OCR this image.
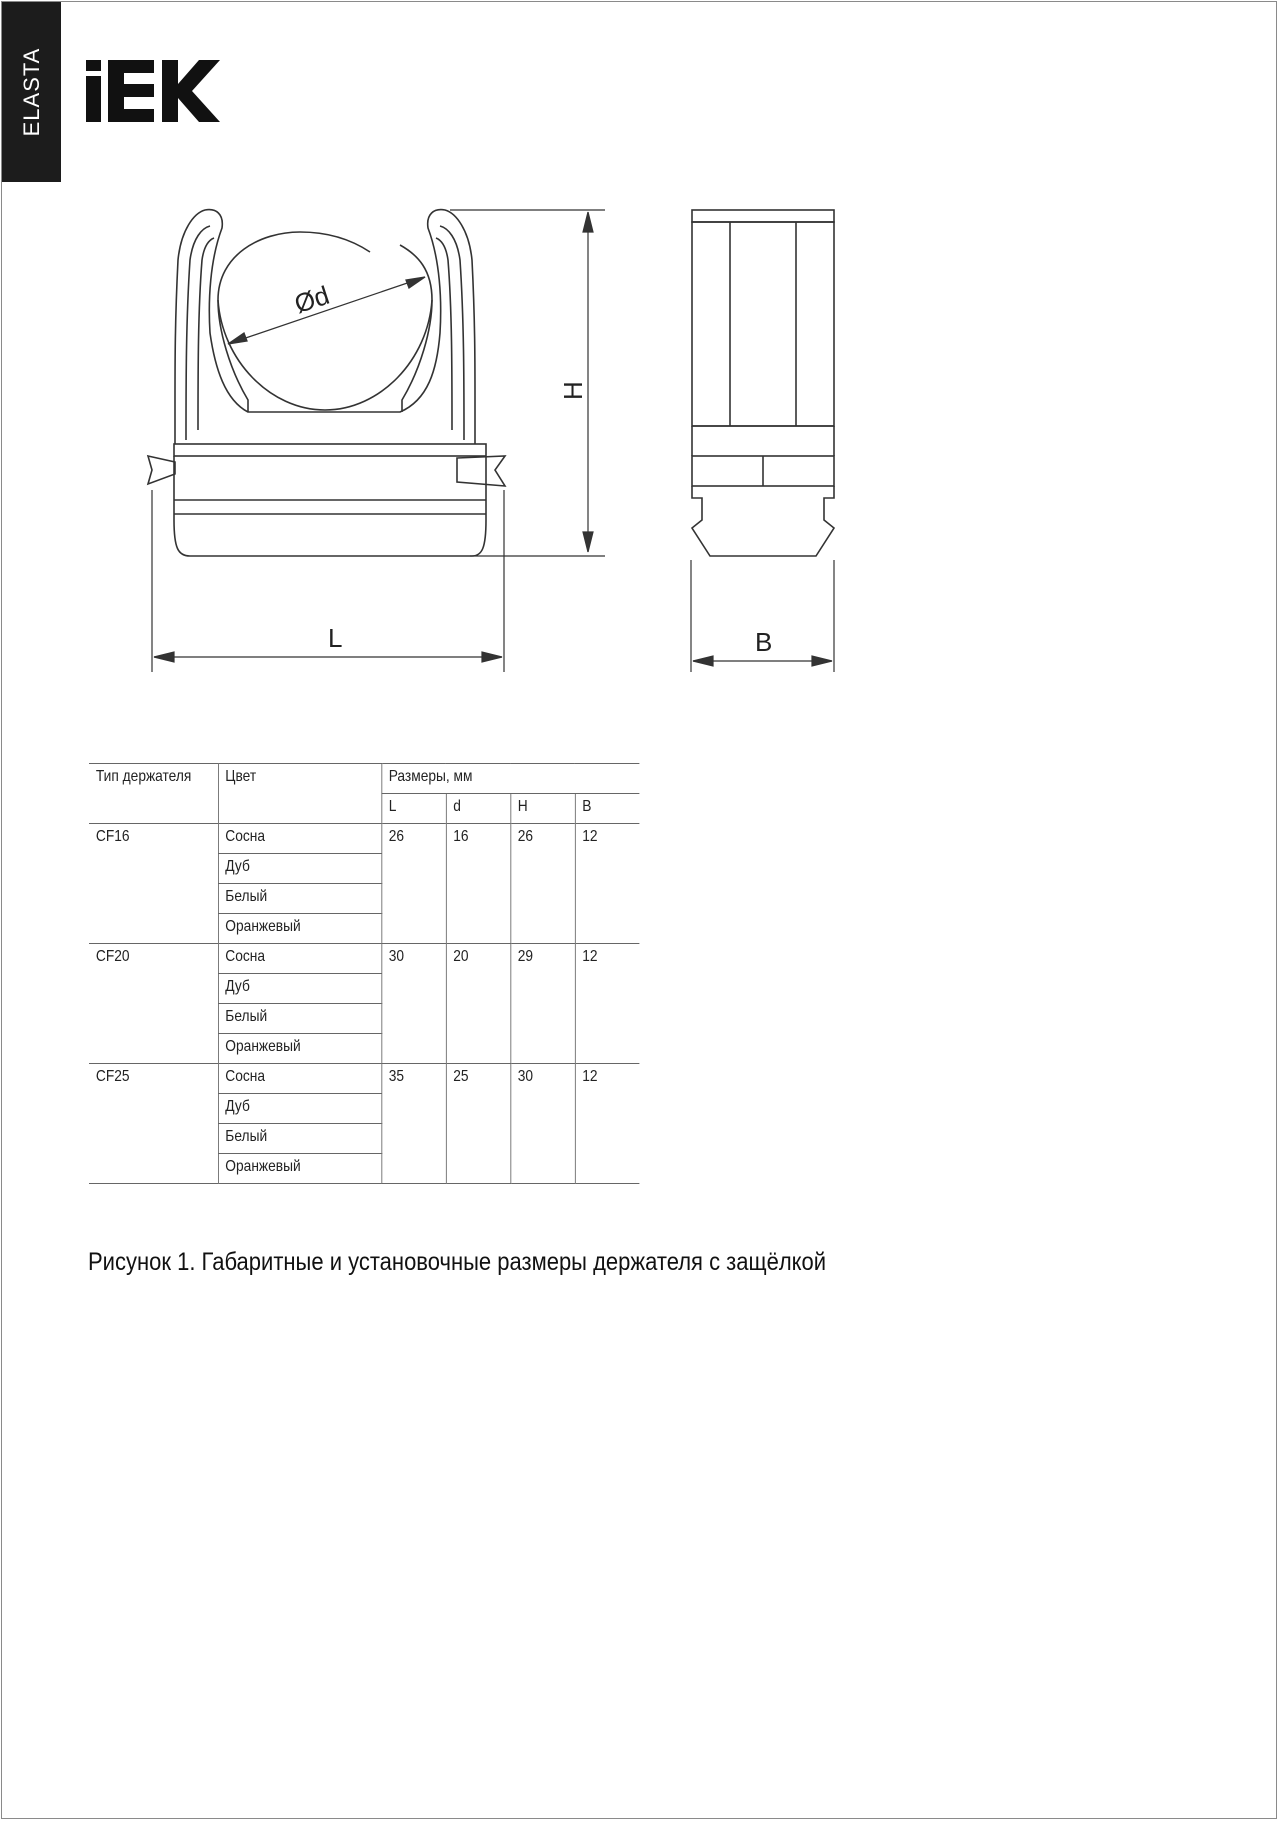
ELASTA
Ød
H
L	B
Тип держателя	Цвет	Размеры, мм			
		L	d	H	B
CF16	Сосна	26	16	26	12
	Дуб				
	Белый				
	Оранжевый				
CF20	Сосна	30	20	29	12
	Дуб				
	Белый				
	Оранжевый				
CF25	Сосна	35	25	30	12
	Дуб				
	Белый				
	Оранжевый				
Рисунок 1. Габаритные и установочные размеры держателя с защёлкой
